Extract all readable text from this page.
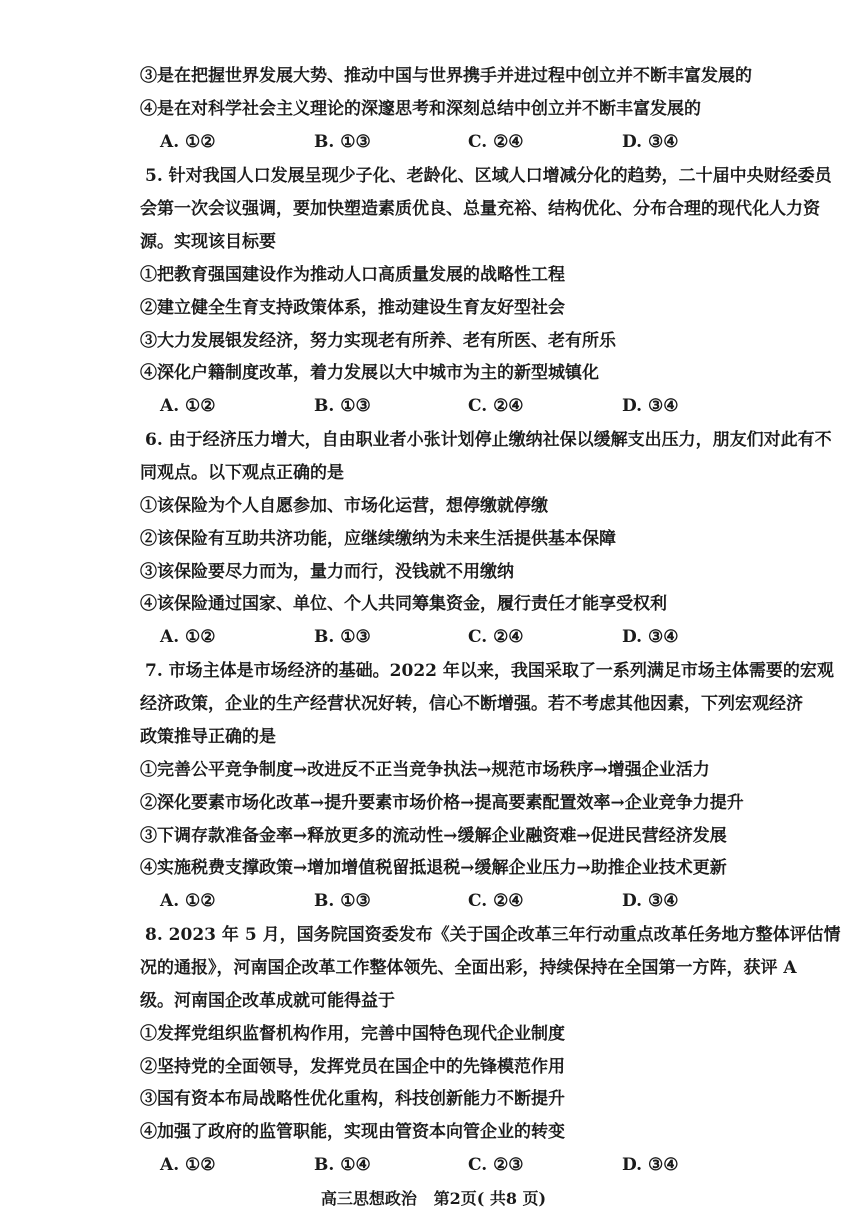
③是在把握世界发展大势、推动中国与世界携手并进过程中创立并不断丰富发展的
④是在对科学社会主义理论的深邃思考和深刻总结中创立并不断丰富发展的
A. ①②	B. ①③	C. ②④	D. ③④
5. 针对我国人口发展呈现少子化、老龄化、区域人口增减分化的趋势，二十届中央财经委员
会第一次会议强调，要加快塑造素质优良、总量充裕、结构优化、分布合理的现代化人力资
源。实现该目标要
①把教育强国建设作为推动人口高质量发展的战略性工程
②建立健全生育支持政策体系，推动建设生育友好型社会
③大力发展银发经济，努力实现老有所养、老有所医、老有所乐
④深化户籍制度改革，着力发展以大中城市为主的新型城镇化
A. ①②	B. ①③	C. ②④	D. ③④
6. 由于经济压力增大，自由职业者小张计划停止缴纳社保以缓解支出压力，朋友们对此有不
同观点。以下观点正确的是
①该保险为个人自愿参加、市场化运营，想停缴就停缴
②该保险有互助共济功能，应继续缴纳为未来生活提供基本保障
③该保险要尽力而为，量力而行，没钱就不用缴纳
④该保险通过国家、单位、个人共同筹集资金，履行责任才能享受权利
A. ①②	B. ①③	C. ②④	D. ③④
7. 市场主体是市场经济的基础。2022 年以来，我国采取了一系列满足市场主体需要的宏观
经济政策，企业的生产经营状况好转，信心不断增强。若不考虑其他因素，下列宏观经济
政策推导正确的是
①完善公平竞争制度→改进反不正当竞争执法→规范市场秩序→增强企业活力
②深化要素市场化改革→提升要素市场价格→提高要素配置效率→企业竞争力提升
③下调存款准备金率→释放更多的流动性→缓解企业融资难→促进民营经济发展
④实施税费支撑政策→增加增值税留抵退税→缓解企业压力→助推企业技术更新
A. ①②	B. ①③	C. ②④	D. ③④
8. 2023 年 5 月，国务院国资委发布《关于国企改革三年行动重点改革任务地方整体评估情
况的通报》，河南国企改革工作整体领先、全面出彩，持续保持在全国第一方阵，获评 A
级。河南国企改革成就可能得益于
①发挥党组织监督机构作用，完善中国特色现代企业制度
②坚持党的全面领导，发挥党员在国企中的先锋模范作用
③国有资本布局战略性优化重构，科技创新能力不断提升
④加强了政府的监管职能，实现由管资本向管企业的转变
A. ①②	B. ①④	C. ②③	D. ③④
高三思想政治   第2页( 共8 页)
